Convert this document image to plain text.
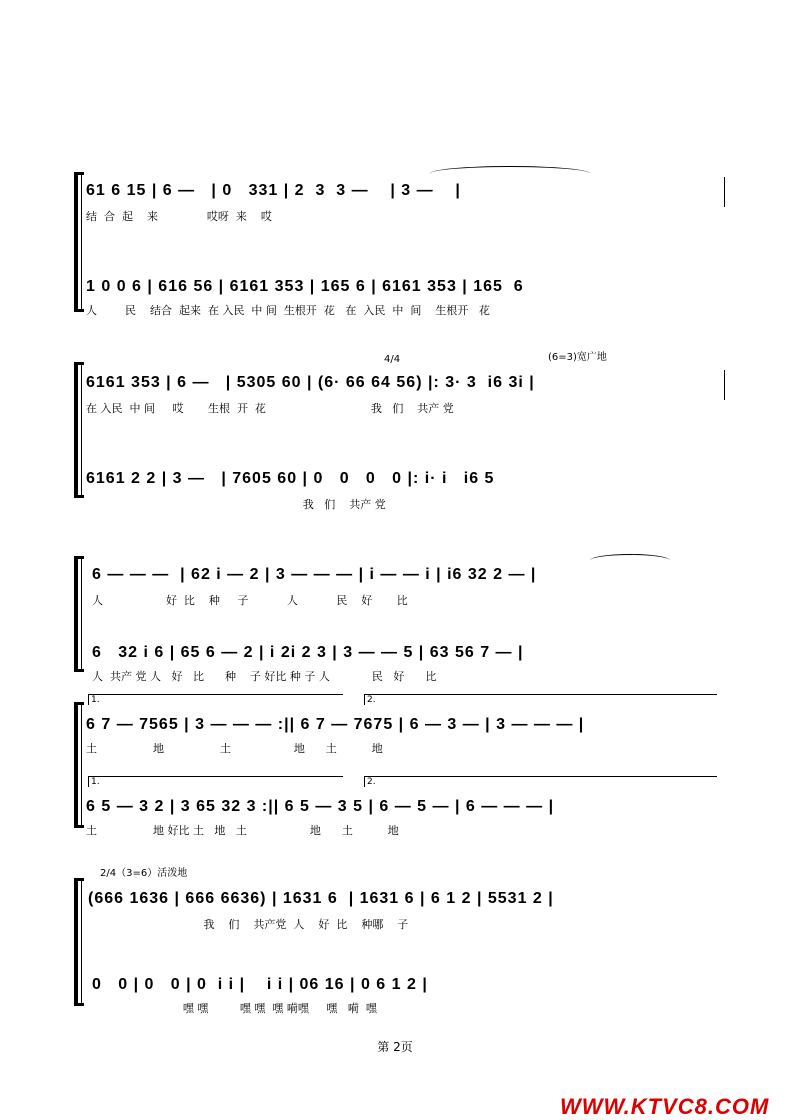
61 6 15 | 6 —   | 0   331 | 2  3  3 —    | 3 —    |
结  合  起    来              哎呀  来    哎
1 0 0 6 | 616 56 | 6161 353 | 165 6 | 6161 353 | 165  6
人        民    结合  起来  在 入民  中 间  生根开  花   在  入民  中  间    生根开   花
4/4	(6=3)宽广地
6161 353 | 6 —   | 5305 60 | (6· 66 64 56) |: 3· 3  i6 3i |
在 入民  中 间     哎       生根  开  花                              我   们    共产 党
6161 2 2 | 3 —   | 7605 60 | 0   0   0   0 |: i· i   i6 5
我   们    共产 党
6 — — —  | 62 i — 2 | 3 — — — | i — — i | i6 32 2 — |
人                  好  比    种     子           人           民    好       比
6   32 i 6 | 65 6 — 2 | i 2i 2 3 | 3 — — 5 | 63 56 7 — |
人  共产 党 人   好   比      种    子 好比 种 子 人            民   好      比
1.	2.
6 7 — 7565 | 3 — — — :|| 6 7 — 7675 | 6 — 3 — | 3 — — — |
土                地                土                  地      土          地
1.	2.
6 5 — 3 2 | 3 65 32 3 :|| 6 5 — 3 5 | 6 — 5 — | 6 — — — |
土                地 好比 土   地   土                  地      土          地
2/4（3=6）活泼地
(666 1636 | 666 6636) | 1631 6  | 1631 6 | 6 1 2 | 5531 2 |
我    们    共产党  人    好  比    种哪    子
0   0 | 0   0 | 0  i i |    i i | 06 16 | 0 6 1 2 |
嘿 嘿         嘿 嘿  嘿 嗬嘿     嘿   嗬  嘿
第 2页
WWW.KTVC8.COM
